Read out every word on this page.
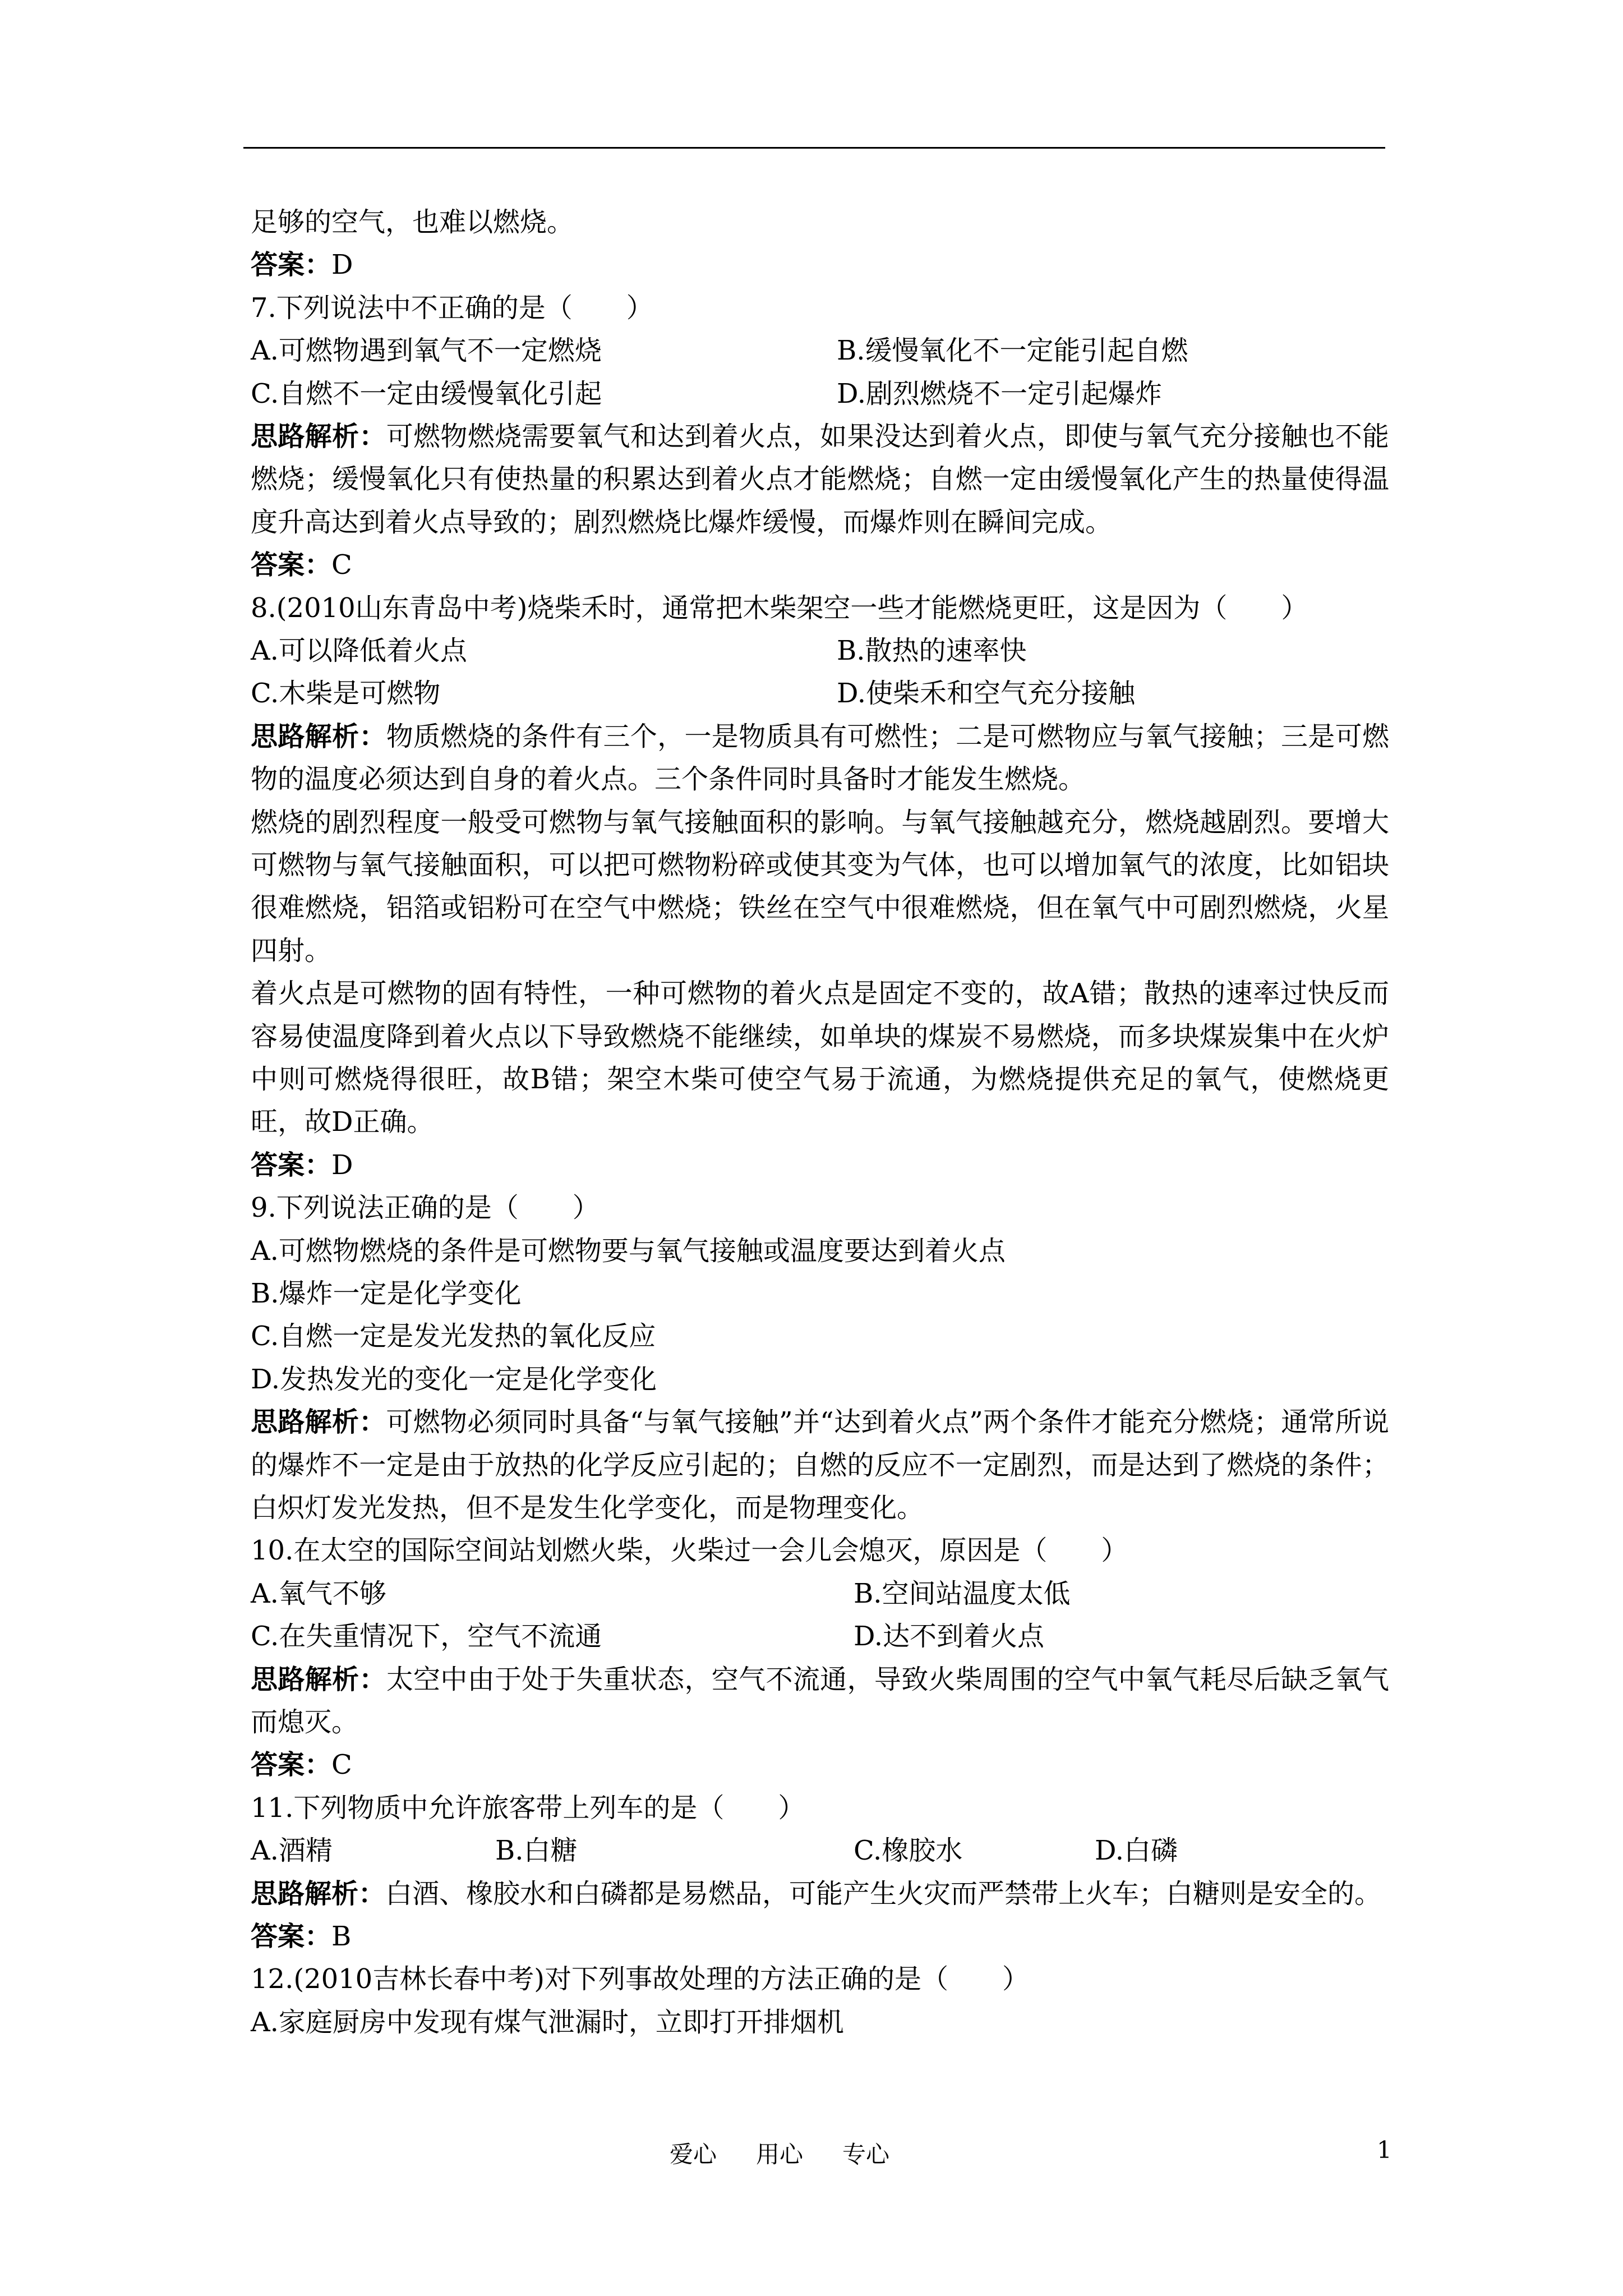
足够的空气，也难以燃烧。
答案：D
7.下列说法中不正确的是（　　）
A.可燃物遇到氧气不一定燃烧	B.缓慢氧化不一定能引起自燃
C.自燃不一定由缓慢氧化引起	D.剧烈燃烧不一定引起爆炸
思路解析：可燃物燃烧需要氧气和达到着火点，如果没达到着火点，即使与氧气充分接触也不能燃烧；缓慢氧化只有使热量的积累达到着火点才能燃烧；自燃一定由缓慢氧化产生的热量使得温度升高达到着火点导致的；剧烈燃烧比爆炸缓慢，而爆炸则在瞬间完成。
答案：C
8.(2010山东青岛中考)烧柴禾时，通常把木柴架空一些才能燃烧更旺，这是因为（　　）
A.可以降低着火点	B.散热的速率快
C.木柴是可燃物	D.使柴禾和空气充分接触
思路解析：物质燃烧的条件有三个，一是物质具有可燃性；二是可燃物应与氧气接触；三是可燃物的温度必须达到自身的着火点。三个条件同时具备时才能发生燃烧。
燃烧的剧烈程度一般受可燃物与氧气接触面积的影响。与氧气接触越充分，燃烧越剧烈。要增大可燃物与氧气接触面积，可以把可燃物粉碎或使其变为气体，也可以增加氧气的浓度，比如铝块很难燃烧，铝箔或铝粉可在空气中燃烧；铁丝在空气中很难燃烧，但在氧气中可剧烈燃烧，火星四射。
着火点是可燃物的固有特性，一种可燃物的着火点是固定不变的，故A错；散热的速率过快反而容易使温度降到着火点以下导致燃烧不能继续，如单块的煤炭不易燃烧，而多块煤炭集中在火炉中则可燃烧得很旺，故B错；架空木柴可使空气易于流通，为燃烧提供充足的氧气，使燃烧更旺，故D正确。
答案：D
9.下列说法正确的是（　　）
A.可燃物燃烧的条件是可燃物要与氧气接触或温度要达到着火点
B.爆炸一定是化学变化
C.自燃一定是发光发热的氧化反应
D.发热发光的变化一定是化学变化
思路解析：可燃物必须同时具备“与氧气接触”并“达到着火点”两个条件才能充分燃烧；通常所说的爆炸不一定是由于放热的化学反应引起的；自燃的反应不一定剧烈，而是达到了燃烧的条件；白炽灯发光发热，但不是发生化学变化，而是物理变化。
10.在太空的国际空间站划燃火柴，火柴过一会儿会熄灭，原因是（　　）
A.氧气不够	B.空间站温度太低
C.在失重情况下，空气不流通	D.达不到着火点
思路解析：太空中由于处于失重状态，空气不流通，导致火柴周围的空气中氧气耗尽后缺乏氧气而熄灭。
答案：C
11.下列物质中允许旅客带上列车的是（　　）
A.酒精	B.白糖	C.橡胶水	D.白磷
思路解析：白酒、橡胶水和白磷都是易燃品，可能产生火灾而严禁带上火车；白糖则是安全的。
答案：B
12.(2010吉林长春中考)对下列事故处理的方法正确的是（　　）
A.家庭厨房中发现有煤气泄漏时，立即打开排烟机
爱心 用心 专心	1
